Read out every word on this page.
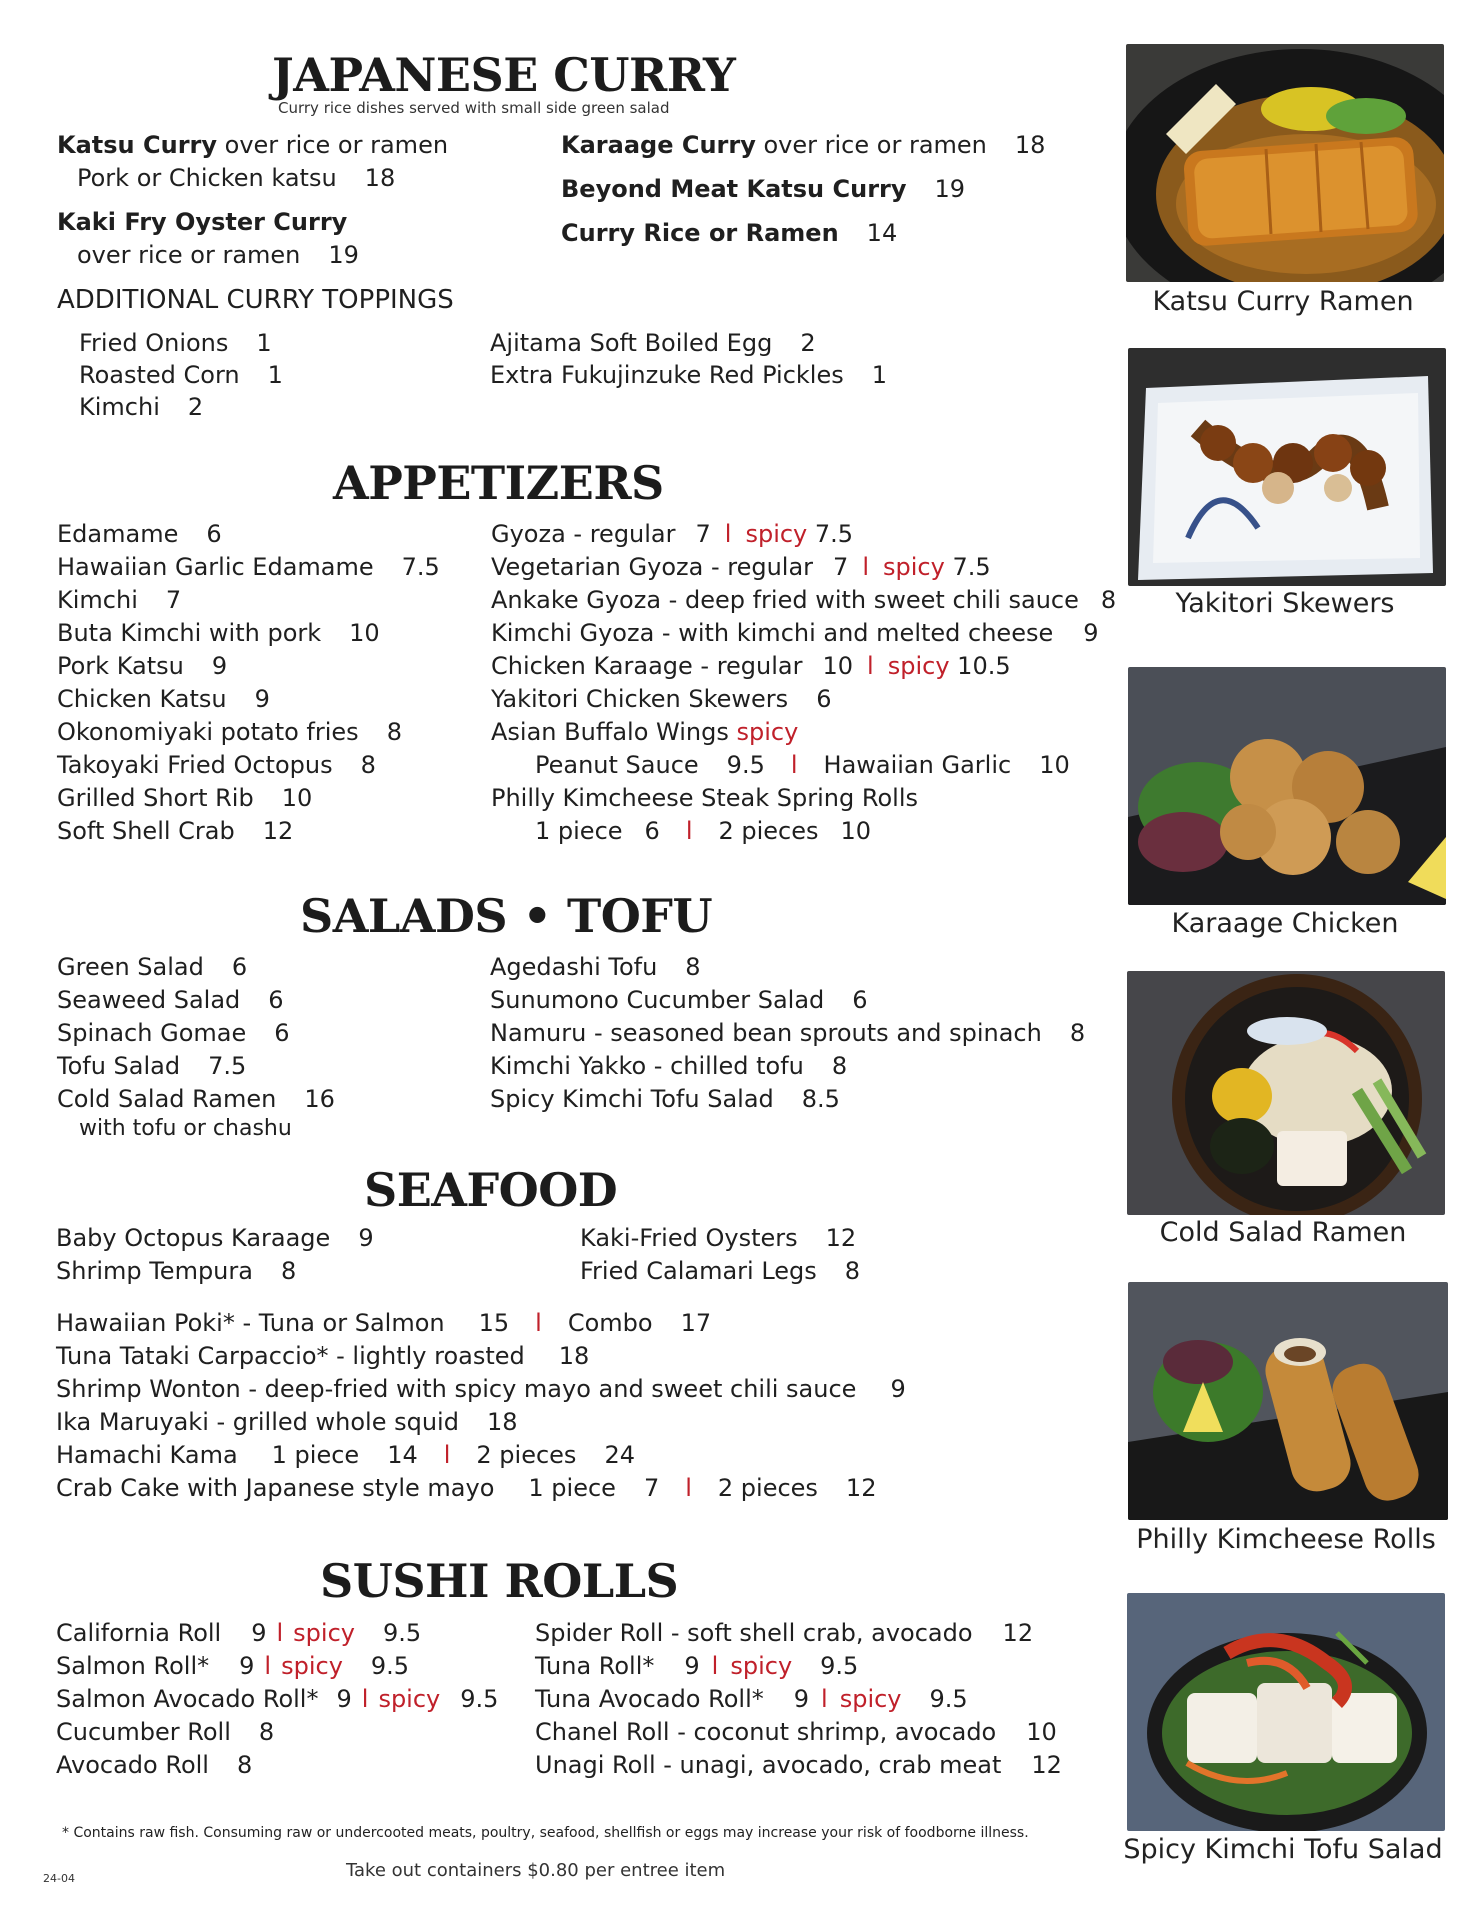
JAPANESE CURRY
Curry rice dishes served with small side green salad
Katsu Curry over rice or ramen
Pork or Chicken katsu 18
Kaki Fry Oyster Curry
over rice or ramen 19
Karaage Curry over rice or ramen 18
Beyond Meat Katsu Curry 19
Curry Rice or Ramen 14
ADDITIONAL CURRY TOPPINGS
Fried Onions 1
Roasted Corn 1
Kimchi 2
Ajitama Soft Boiled Egg 2
Extra Fukujinzuke Red Pickles 1
APPETIZERS
Edamame 6
Hawaiian Garlic Edamame 7.5
Kimchi 7
Buta Kimchi with pork 10
Pork Katsu 9
Chicken Katsu 9
Okonomiyaki potato fries 8
Takoyaki Fried Octopus 8
Grilled Short Rib 10
Soft Shell Crab 12
Gyoza - regular 7 l spicy 7.5
Vegetarian Gyoza - regular 7 l spicy 7.5
Ankake Gyoza - deep fried with sweet chili sauce 8
Kimchi Gyoza - with kimchi and melted cheese 9
Chicken Karaage - regular 10 l spicy 10.5
Yakitori Chicken Skewers 6
Asian Buffalo Wings spicy
Peanut Sauce 9.5 l Hawaiian Garlic 10
Philly Kimcheese Steak Spring Rolls
1 piece 6 l 2 pieces 10
SALADS • TOFU
Green Salad 6
Seaweed Salad 6
Spinach Gomae 6
Tofu Salad 7.5
Cold Salad Ramen 16
with tofu or chashu
Agedashi Tofu 8
Sunumono Cucumber Salad 6
Namuru - seasoned bean sprouts and spinach 8
Kimchi Yakko - chilled tofu 8
Spicy Kimchi Tofu Salad 8.5
SEAFOOD
Baby Octopus Karaage 9
Shrimp Tempura 8
Kaki-Fried Oysters 12
Fried Calamari Legs 8
Hawaiian Poki* - Tuna or Salmon 15 l Combo 17
Tuna Tataki Carpaccio* - lightly roasted 18
Shrimp Wonton - deep-fried with spicy mayo and sweet chili sauce 9
Ika Maruyaki - grilled whole squid 18
Hamachi Kama 1 piece 14 l 2 pieces 24
Crab Cake with Japanese style mayo 1 piece 7 l 2 pieces 12
SUSHI ROLLS
California Roll 9 l spicy 9.5
Salmon Roll* 9 l spicy 9.5
Salmon Avocado Roll* 9 l spicy 9.5
Cucumber Roll 8
Avocado Roll 8
Spider Roll - soft shell crab, avocado 12
Tuna Roll* 9 l spicy 9.5
Tuna Avocado Roll* 9 l spicy 9.5
Chanel Roll - coconut shrimp, avocado 10
Unagi Roll - unagi, avocado, crab meat 12
* Contains raw fish. Consuming raw or undercooted meats, poultry, seafood, shellfish or eggs may increase your risk of foodborne illness.
Take out containers $0.80 per entree item
24-04
Katsu Curry Ramen
Yakitori Skewers
Karaage Chicken
Cold Salad Ramen
Philly Kimcheese Rolls
Spicy Kimchi Tofu Salad
